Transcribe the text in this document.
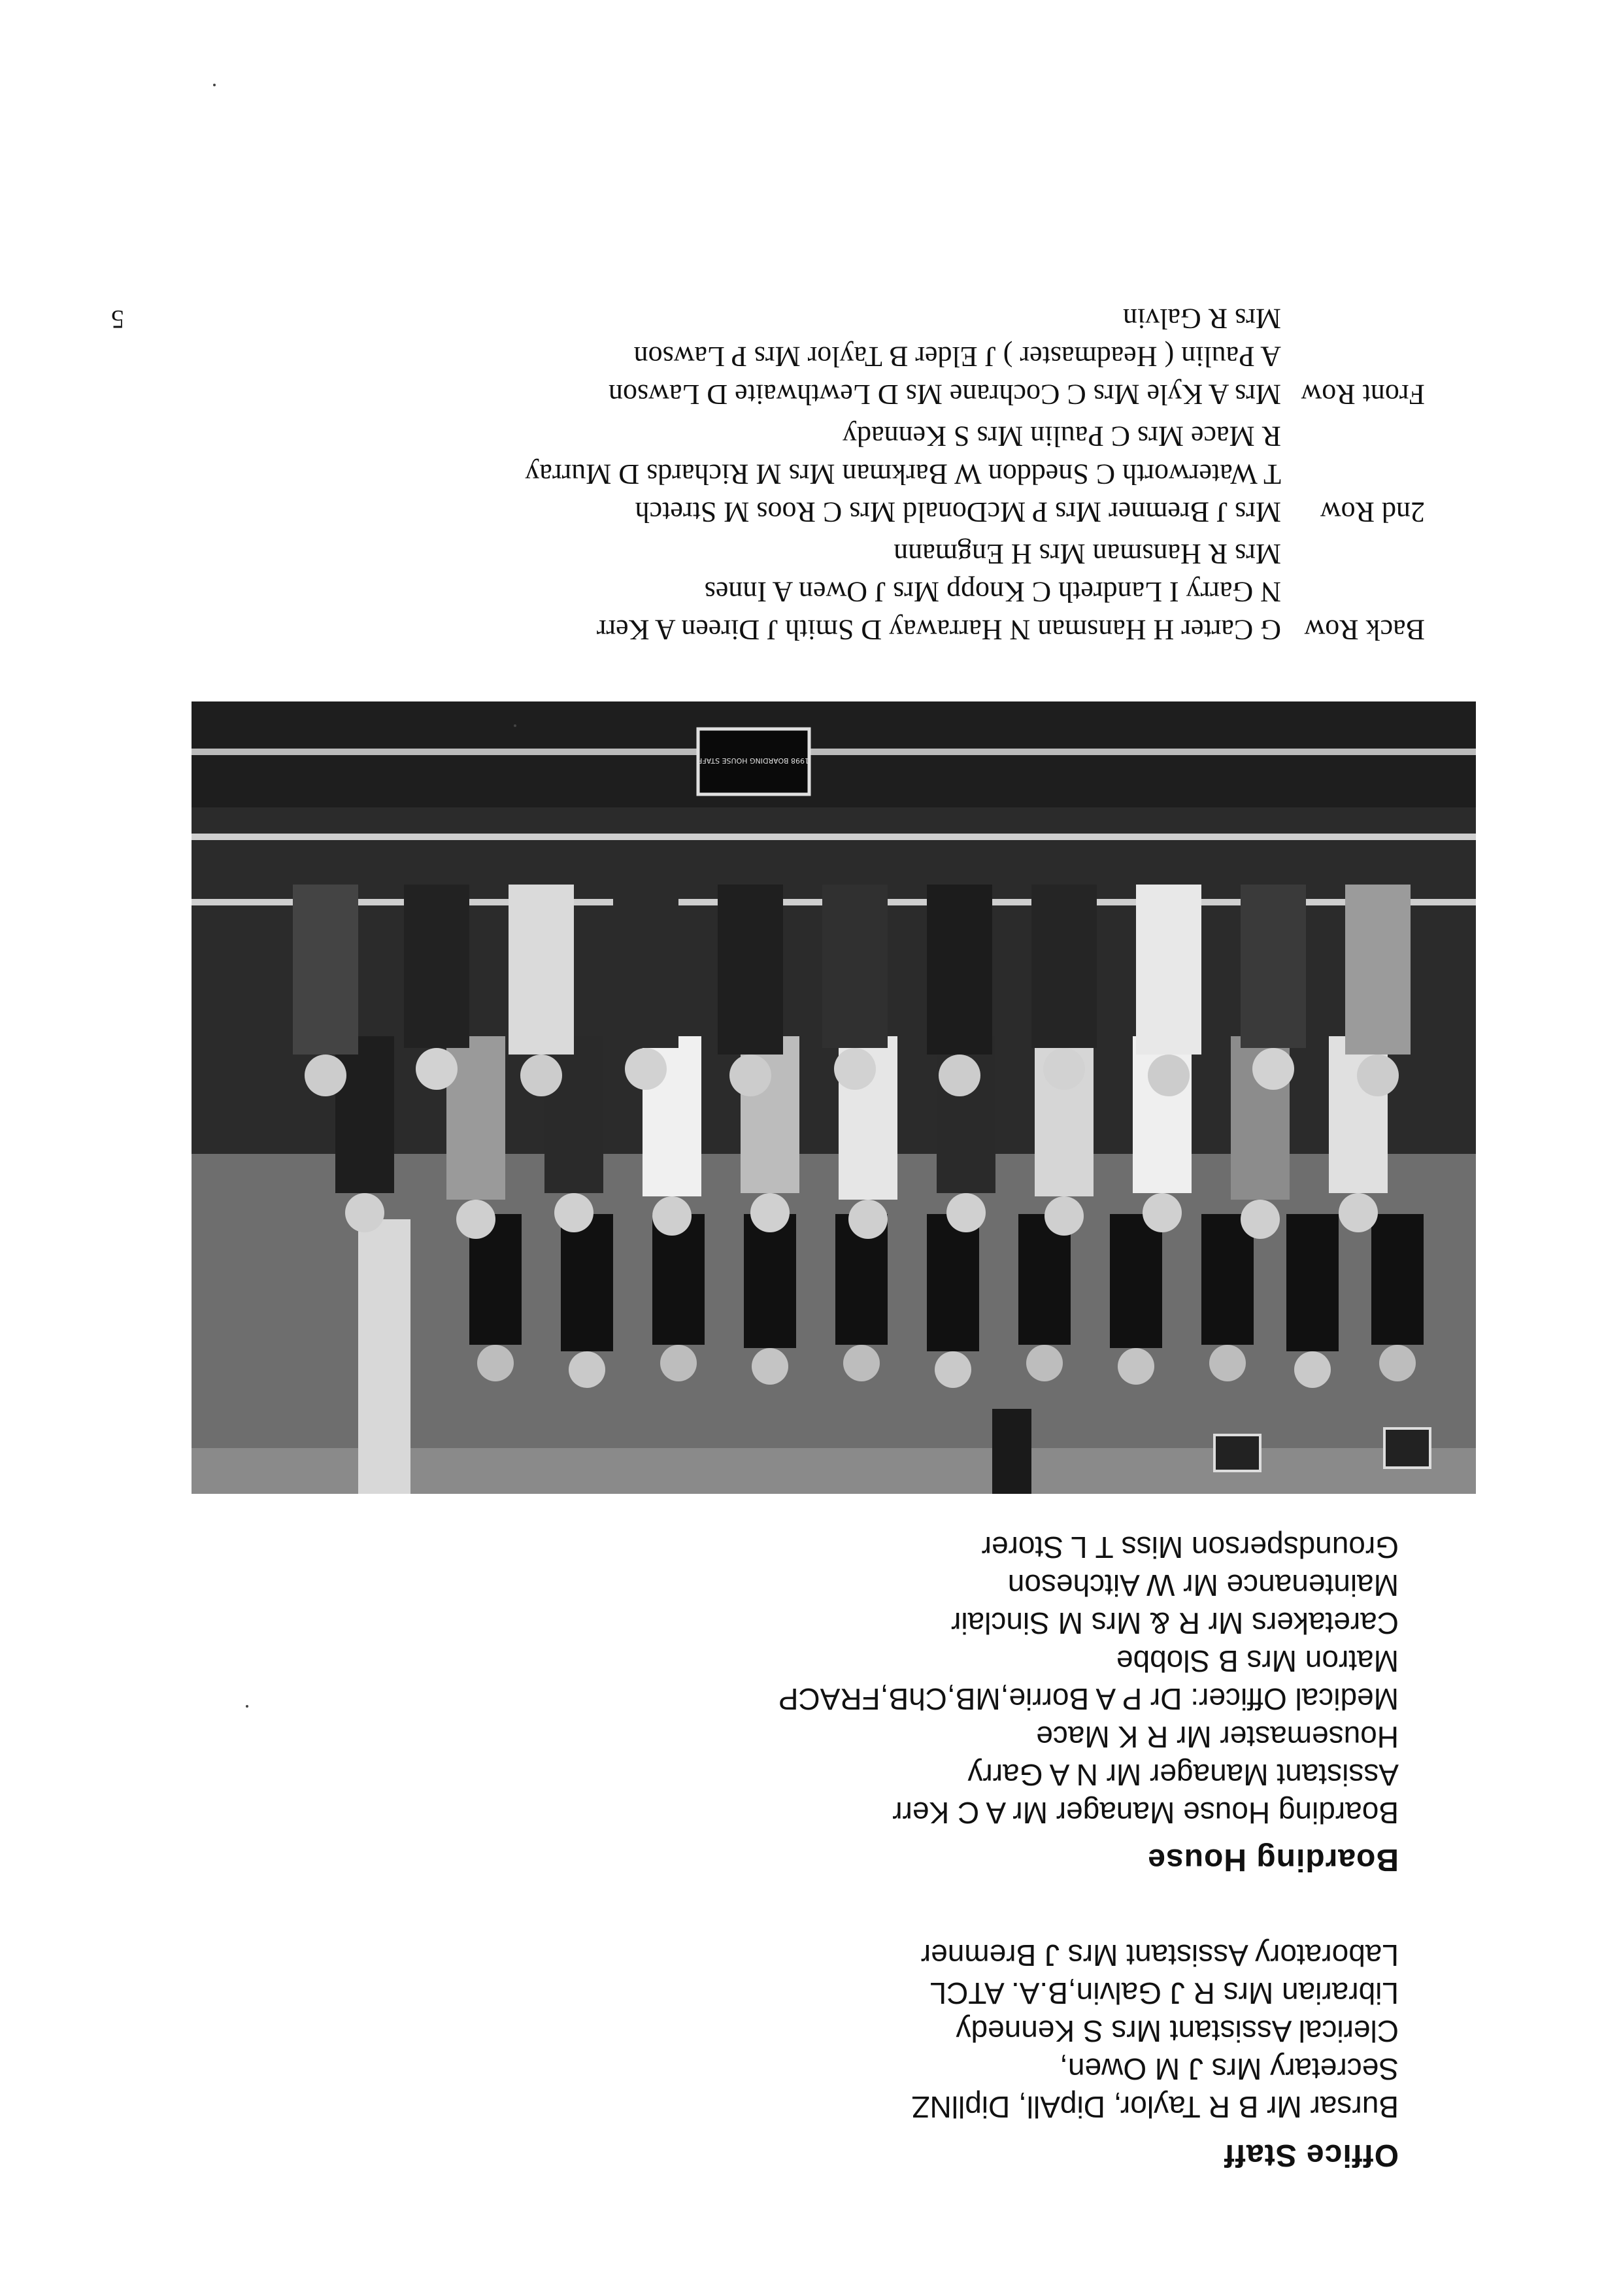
Office Staff
Bursar Mr B R Taylor, DipAll, DipllNZ
Secretary Mrs J M Owen,
Clerical Assistant Mrs S Kennedy
Librarian Mrs R J Galvin,B.A. ATCL
Laboratory Assistant Mrs J Bremner
Boarding House
Boarding House Manager Mr A C Kerr
Assistant Manager Mr N A Garry
Housemaster Mr R K Mace
Medical Officer: Dr P A Borrie,MB,ChB,FRACP
Matron Mrs B Slobbe
Caretakers Mr R & Mrs M Sinclair
Maintenance Mr W Aitcheson
Groundsperson Miss T L Storer
1998 BOARDING HOUSE STAFF
Back Row
G Carter H Hansman N Harraway D Smith J Direen A Kerr
N Garry I Landreth C Knopp Mrs J Owen A Innes
Mrs R Hansman Mrs H Engmann
2nd Row
Mrs J Bremner Mrs P McDonald Mrs C Roos M Stretch
T Waterworth C Sneddon W Barkman Mrs M Richards D Murray
R Mace Mrs C Paulin Mrs S Kennady
Front Row
Mrs A Kyle Mrs C Cochrane Ms D Lewthwaite D Lawson
A Paulin ( Headmaster ) J Elder B Taylor Mrs P Lawson
Mrs R Galvin
5
